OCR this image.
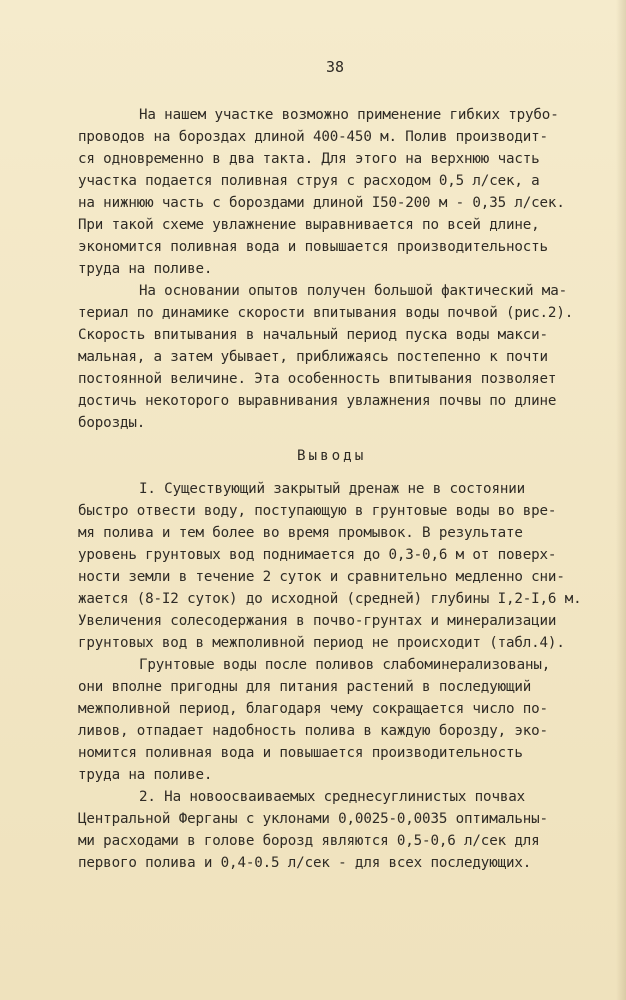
38

На нашем участке возможно применение гибких трубо-

проводов на бороздах длиной 400-450 м. Полив производит-

ся одновременно в два такта. Для этого на верхнюю часть

участка подается поливная струя с расходом 0,5 л/сек, а

на нижнюю часть с бороздами длиной I50-200 м - 0,35 л/сек.

При такой схеме увлажнение выравнивается по всей длине,

экономится поливная вода и повышается производительность

труда на поливе.

На основании опытов получен большой фактический ма-

териал по динамике скорости впитывания воды почвой (рис.2).

Скорость впитывания в начальный период пуска воды макси-

мальная, а затем убывает, приближаясь постепенно к почти

постоянной величине. Эта особенность впитывания позволяет

достичь некоторого выравнивания увлажнения почвы по длине

борозды.

I. Существующий закрытый дренаж не в состоянии

быстро отвести воду, поступающую в грунтовые воды во вре-

мя полива и тем более во время промывок. В результате

уровень грунтовых вод поднимается до 0,3-0,6 м от поверх-

ности земли в течение 2 суток и сравнительно медленно сни-

жается (8-I2 суток) до исходной (средней) глубины I,2-I,6 м.

Увеличения солесодержания в почво-грунтах и минерализации

грунтовых вод в межполивной период не происходит (табл.4).

Грунтовые воды после поливов слабоминерализованы,

они вполне пригодны для питания растений в последующий

межполивной период, благодаря чему сокращается число по-

ливов, отпадает надобность полива в каждую борозду, эко-

номится поливная вода и повышается производительность

труда на поливе.

2. На новоосваиваемых среднесуглинистых почвах

Центральной Ферганы с уклонами 0,0025-0,0035 оптимальны-

ми расходами в голове борозд являются 0,5-0,6 л/сек для

первого полива и 0,4-0.5 л/сек - для всех последующих.

Выводы
